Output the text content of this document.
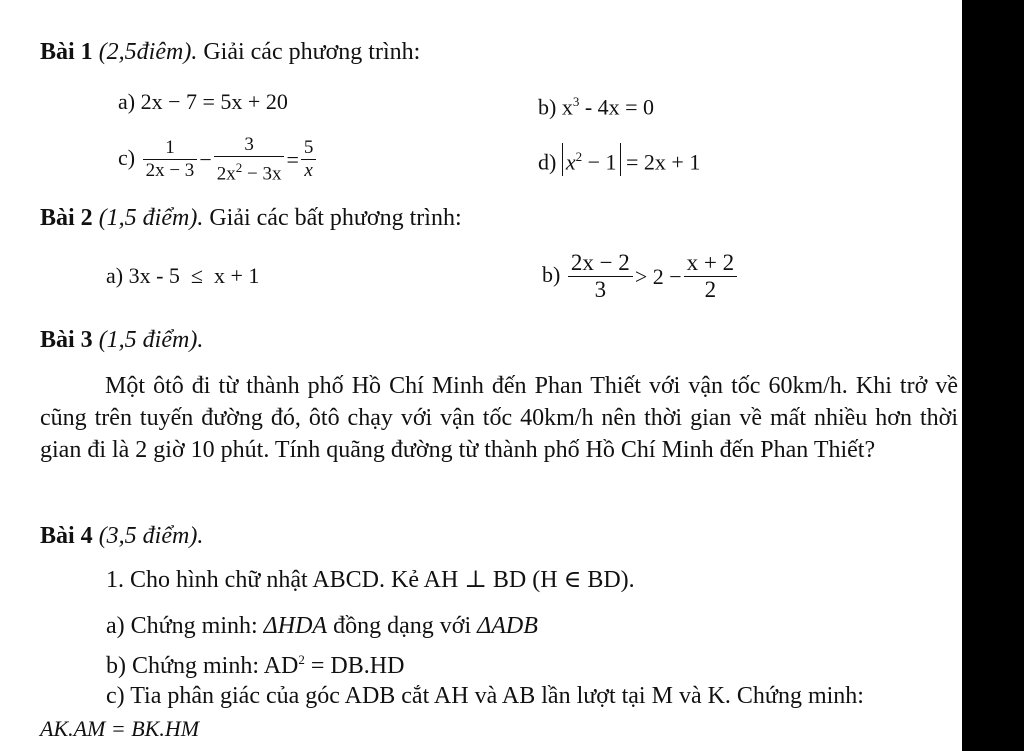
Bài 1 (2,5điêm). Giải các phương trình:
a) 2x − 7 = 5x + 20	b) $x^3 - 4x = 0$
$c) \frac{1}{2x - 3} - \frac{3}{2x^2 - 3x} = \frac{5}{x}$	d) $x^2 - 1 = 2x + 1$
Bài 2 (1,5 điểm). Giải các bất phương trình:
a) 3x - 5  ≤  x + 1	$b) \frac{2x - 2}{3} > 2 - \frac{x + 2}{2}$
Bài 3 (1,5 điểm).
Một ôtô đi từ thành phố Hồ Chí Minh đến Phan Thiết với vận tốc 60km/h. Khi trở về cũng trên tuyến đường đó, ôtô chạy với vận tốc 40km/h nên thời gian về mất nhiều hơn thời gian đi là 2 giờ 10 phút. Tính quãng đường từ thành phố Hồ Chí Minh đến Phan Thiết?
Bài 4 (3,5 điểm).
1. Cho hình chữ nhật ABCD. Kẻ AH ⊥ BD (H ∈ BD).
a) Chứng minh: ΔHDA đồng dạng với ΔADB
b) Chứng minh: $AD^2 = DB.HD$
c) Tia phân giác của góc ADB cắt AH và AB lần lượt tại M và K. Chứng minh:
AK.AM = BK.HM
